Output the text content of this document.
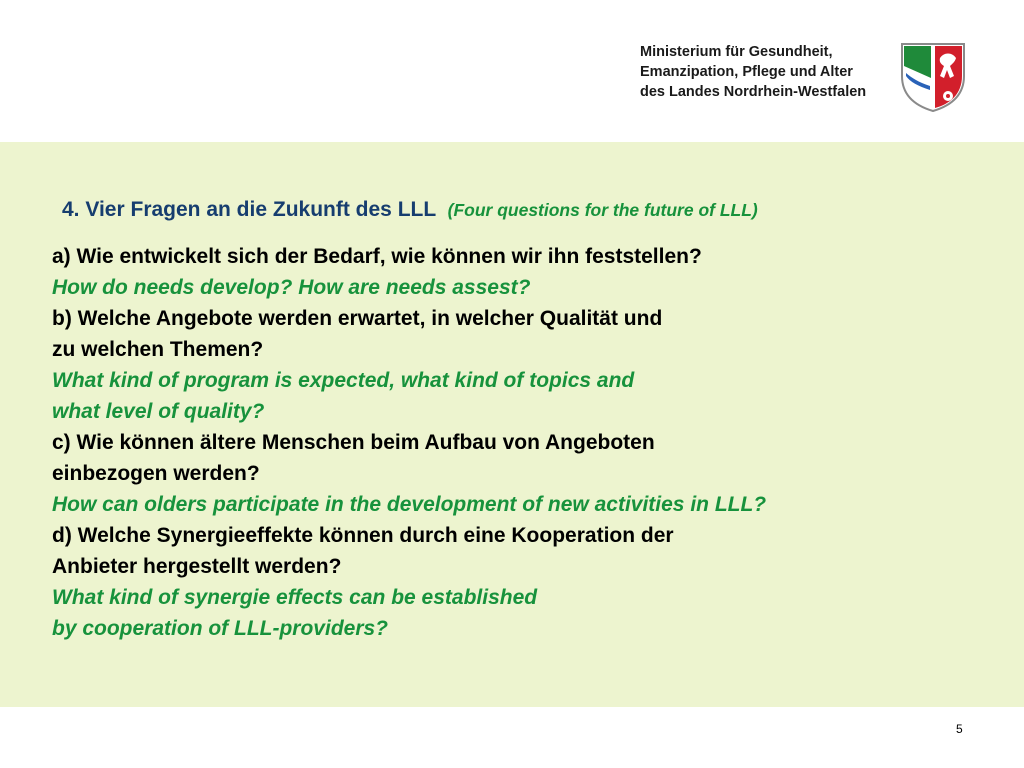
Ministerium für Gesundheit,
Emanzipation, Pflege und Alter
des Landes Nordrhein-Westfalen
4. Vier Fragen an die Zukunft des LLL (Four questions for the future of LLL)
a) Wie entwickelt sich der Bedarf, wie können wir ihn feststellen?
How do needs develop? How are needs assest?
b) Welche Angebote werden erwartet, in welcher Qualität und
zu welchen Themen?
What kind of program is expected, what kind of topics and
what level of quality?
c) Wie können ältere Menschen beim Aufbau von Angeboten
einbezogen werden?
How can olders participate in the development of new activities in LLL?
d) Welche Synergieeffekte können durch eine Kooperation der
Anbieter hergestellt werden?
What kind of synergie effects can be established
by cooperation of LLL-providers?
5
